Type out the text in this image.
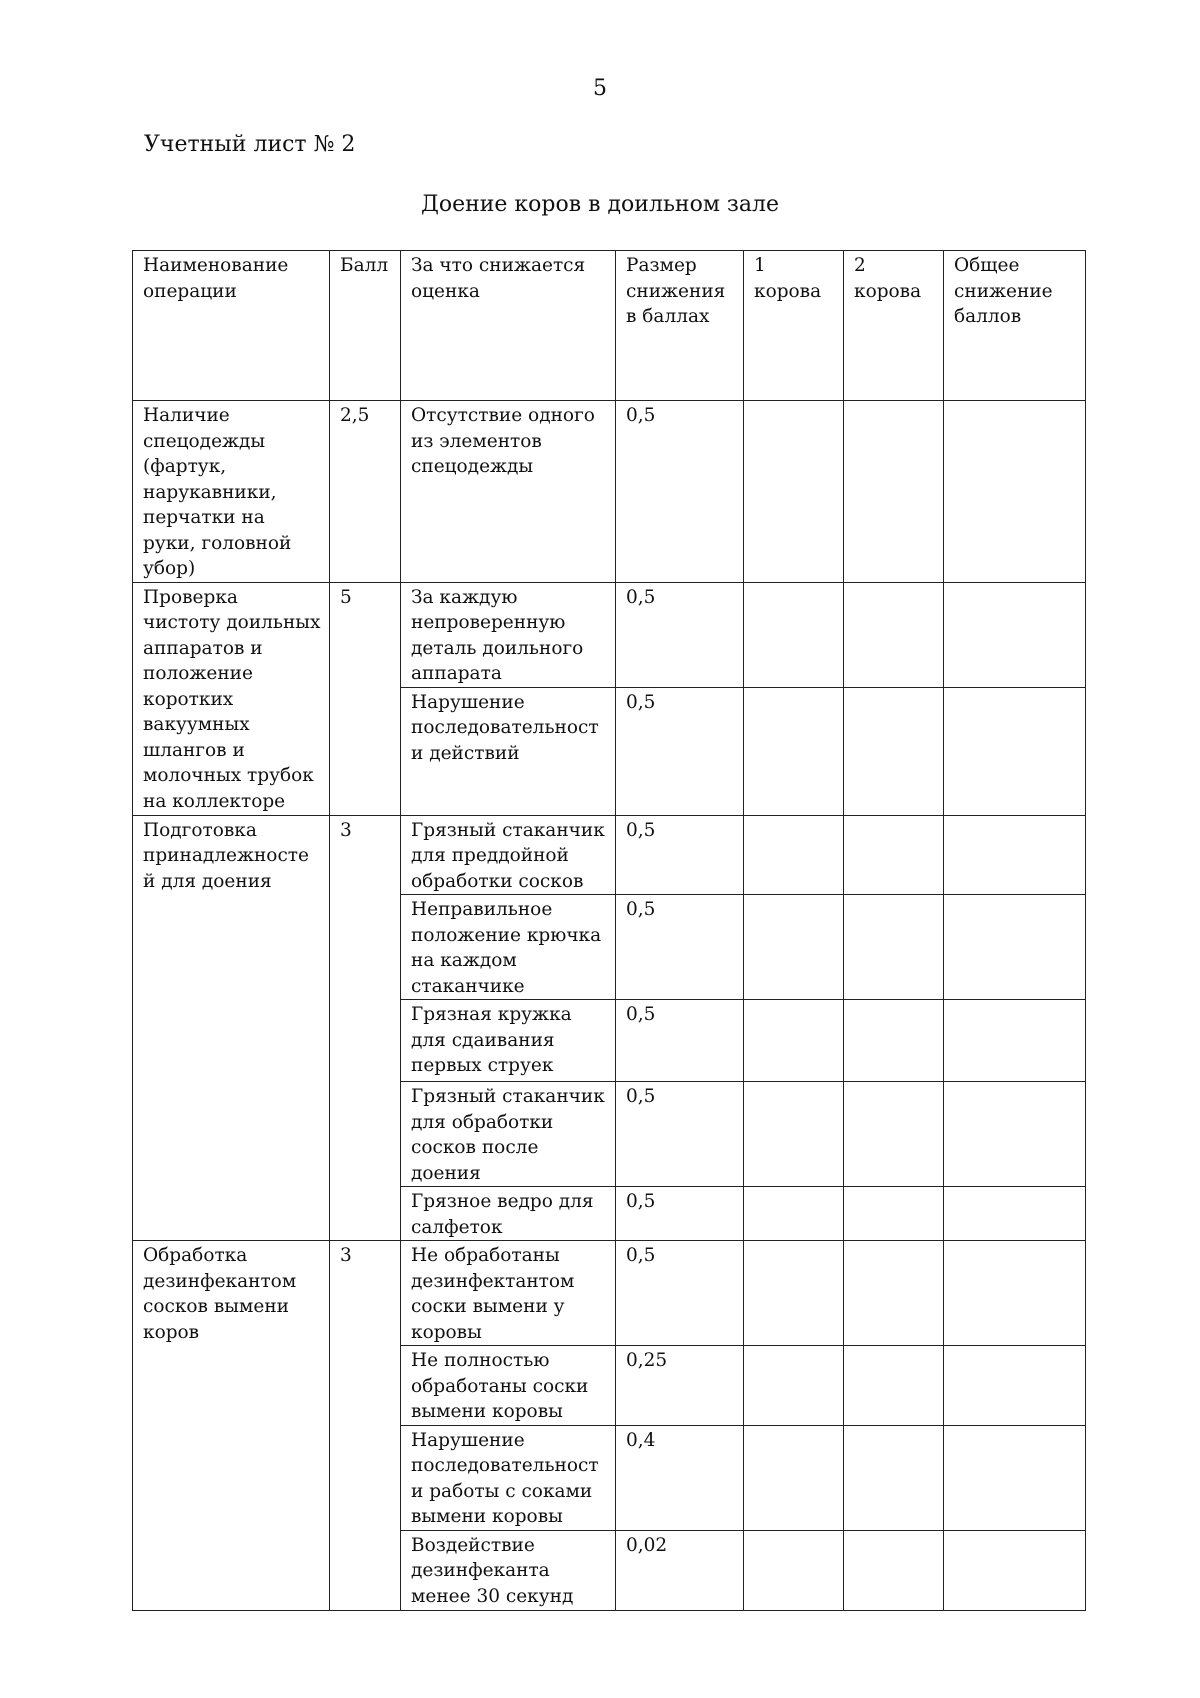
5
Учетный лист № 2
Доение коров в доильном зале
Наименование операции	Балл	За что снижается оценка	Размер снижения в баллах	1 корова	2 корова	Общее снижение баллов
Наличие спецодежды (фартук, нарукавники, перчатки на руки, головной убор)	2,5	Отсутствие одного из элементов спецодежды	0,5			
Проверка чистоту доильных аппаратов и положение коротких вакуумных шлангов и молочных трубок на коллекторе	5	За каждую непроверенную деталь доильного аппарата	0,5			
		Нарушение последовательности действий	0,5			
Подготовка принадлежностей для доения	3	Грязный стаканчик для преддойной обработки сосков	0,5			
		Неправильное положение крючка на каждом стаканчике	0,5			
		Грязная кружка для сдаивания первых струек	0,5			
		Грязный стаканчик для обработки сосков после доения	0,5			
		Грязное ведро для салфеток	0,5			
Обработка дезинфекантом сосков вымени коров	3	Не обработаны дезинфектантом соски вымени у коровы	0,5			
		Не полностью обработаны соски вымени коровы	0,25			
		Нарушение последовательности работы с соками вымени коровы	0,4			
		Воздействие дезинфеканта менее 30 секунд	0,02			
